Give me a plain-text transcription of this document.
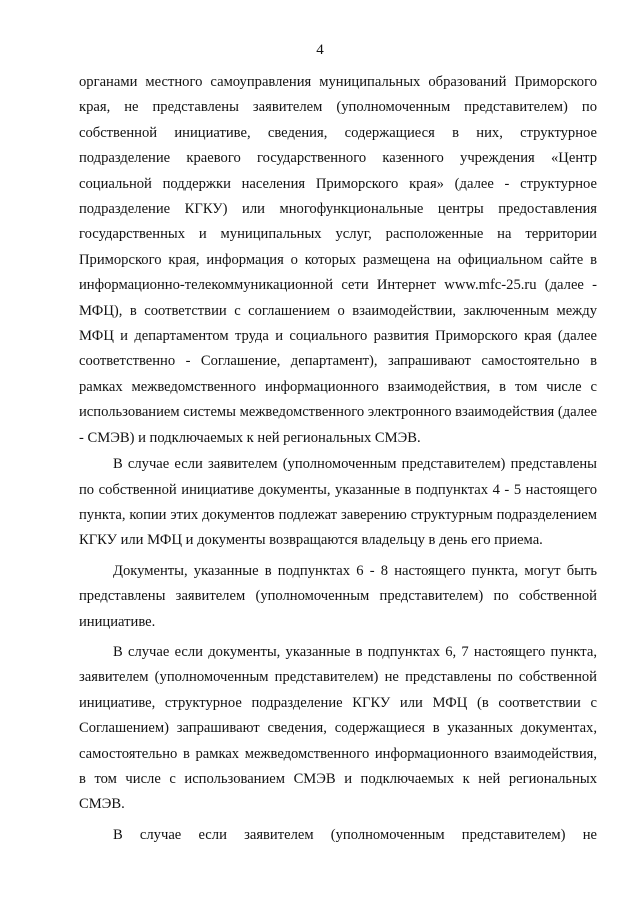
4

органами местного самоуправления муниципальных образований Приморского края, не представлены заявителем (уполномоченным представителем) по собственной инициативе, сведения, содержащиеся в них, структурное подразделение краевого государственного казенного учреждения «Центр социальной поддержки населения Приморского края» (далее - структурное подразделение КГКУ) или многофункциональные центры предоставления государственных и муниципальных услуг, расположенные на территории Приморского края, информация о которых размещена на официальном сайте в информационно-телекоммуникационной сети Интернет www.mfc-25.ru (далее - МФЦ), в соответствии с соглашением о взаимодействии, заключенным между МФЦ и департаментом труда и социального развития Приморского края (далее соответственно - Соглашение, департамент), запрашивают самостоятельно в рамках межведомственного информационного взаимодействия, в том числе с использованием системы межведомственного электронного взаимодействия (далее - СМЭВ) и подключаемых к ней региональных СМЭВ.

В случае если заявителем (уполномоченным представителем) представлены по собственной инициативе документы, указанные в подпунктах 4 - 5 настоящего пункта, копии этих документов подлежат заверению структурным подразделением КГКУ или МФЦ и документы возвращаются владельцу в день его приема.

Документы, указанные в подпунктах 6 - 8 настоящего пункта, могут быть представлены заявителем (уполномоченным представителем) по собственной инициативе.

В случае если документы, указанные в подпунктах 6, 7 настоящего пункта, заявителем (уполномоченным представителем) не представлены по собственной инициативе, структурное подразделение КГКУ или МФЦ (в соответствии с Соглашением) запрашивают сведения, содержащиеся в указанных документах, самостоятельно в рамках межведомственного информационного взаимодействия, в том числе с использованием СМЭВ и подключаемых к ней региональных СМЭВ.

В случае если заявителем (уполномоченным представителем) не
